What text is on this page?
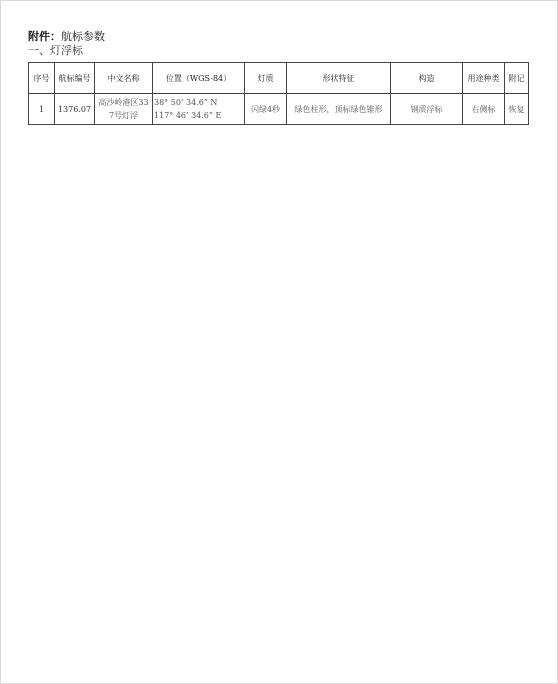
附件：航标参数
一、灯浮标
序号	航标编号	中文名称	位置（WGS-84）	灯质	形状特征	构造	用途种类	附记
1	1376.07	高沙岭港区337号灯浮	38° 50’ 34.6” N
117° 46’ 34.6” E	闪绿4秒	绿色柱形，顶标绿色锥形	钢质浮标	右侧标	恢复
